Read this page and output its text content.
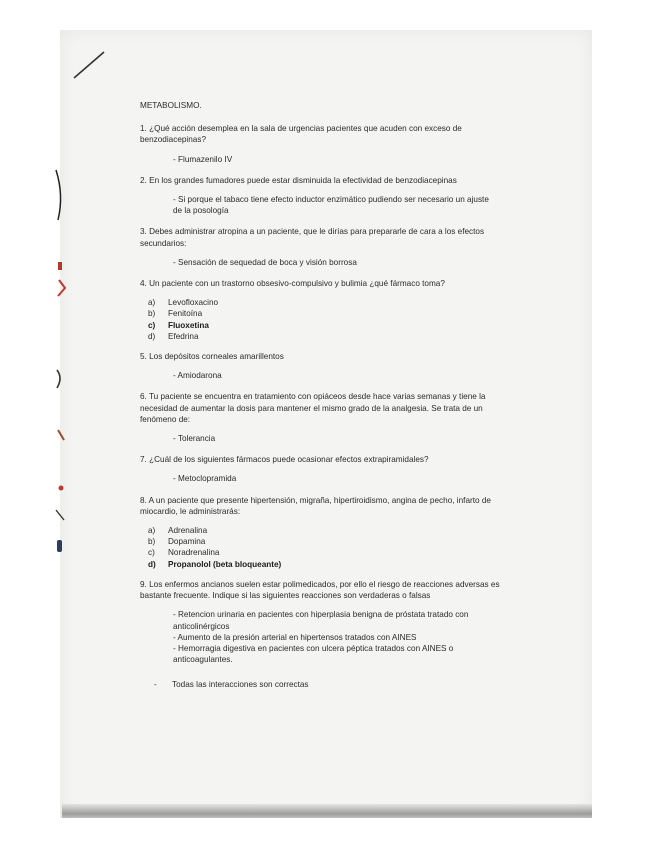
METABOLISMO.
1. ¿Qué acción desemplea en la sala de urgencias pacientes que acuden con exceso de benzodiacepinas?
- Flumazenilo IV
2. En los grandes fumadores puede estar disminuida la efectividad de benzodiacepinas
- Si porque el tabaco tiene efecto inductor enzimático pudiendo ser necesario un ajuste de la posología
3. Debes administrar atropina a un paciente, que le dirías para prepararle de cara a los efectos secundarios:
- Sensación de sequedad de boca y visión borrosa
4. Un paciente con un trastorno obsesivo-compulsivo y bulimia ¿qué fármaco toma?
a)	Levofloxacino
b)	Fenitoína
c)	Fluoxetina
d)	Efedrina
5. Los depósitos corneales amarillentos
- Amiodarona
6. Tu paciente se encuentra en tratamiento con opiáceos desde hace varias semanas y tiene la necesidad de aumentar la dosis para mantener el mismo grado de la analgesia. Se trata de un fenómeno de:
- Tolerancia
7. ¿Cuál de los siguientes fármacos puede ocasionar efectos extrapiramidales?
- Metoclopramida
8. A un paciente que presente hipertensión, migraña, hipertiroidismo, angina de pecho, infarto de miocardio, le administrarás:
a)	Adrenalina
b)	Dopamina
c)	Noradrenalina
d)	Propanolol (beta bloqueante)
9. Los enfermos ancianos suelen estar polimedicados, por ello el riesgo de reacciones adversas es bastante frecuente. Indique si las siguientes reacciones son verdaderas o falsas
- Retencion urinaria en pacientes con hiperplasia benigna de próstata tratado con anticolinérgicos
- Aumento de la presión arterial en hipertensos tratados con AINES
- Hemorragia digestiva en pacientes con ulcera péptica tratados con AINES o anticoagulantes.
-	Todas las interacciones son correctas
